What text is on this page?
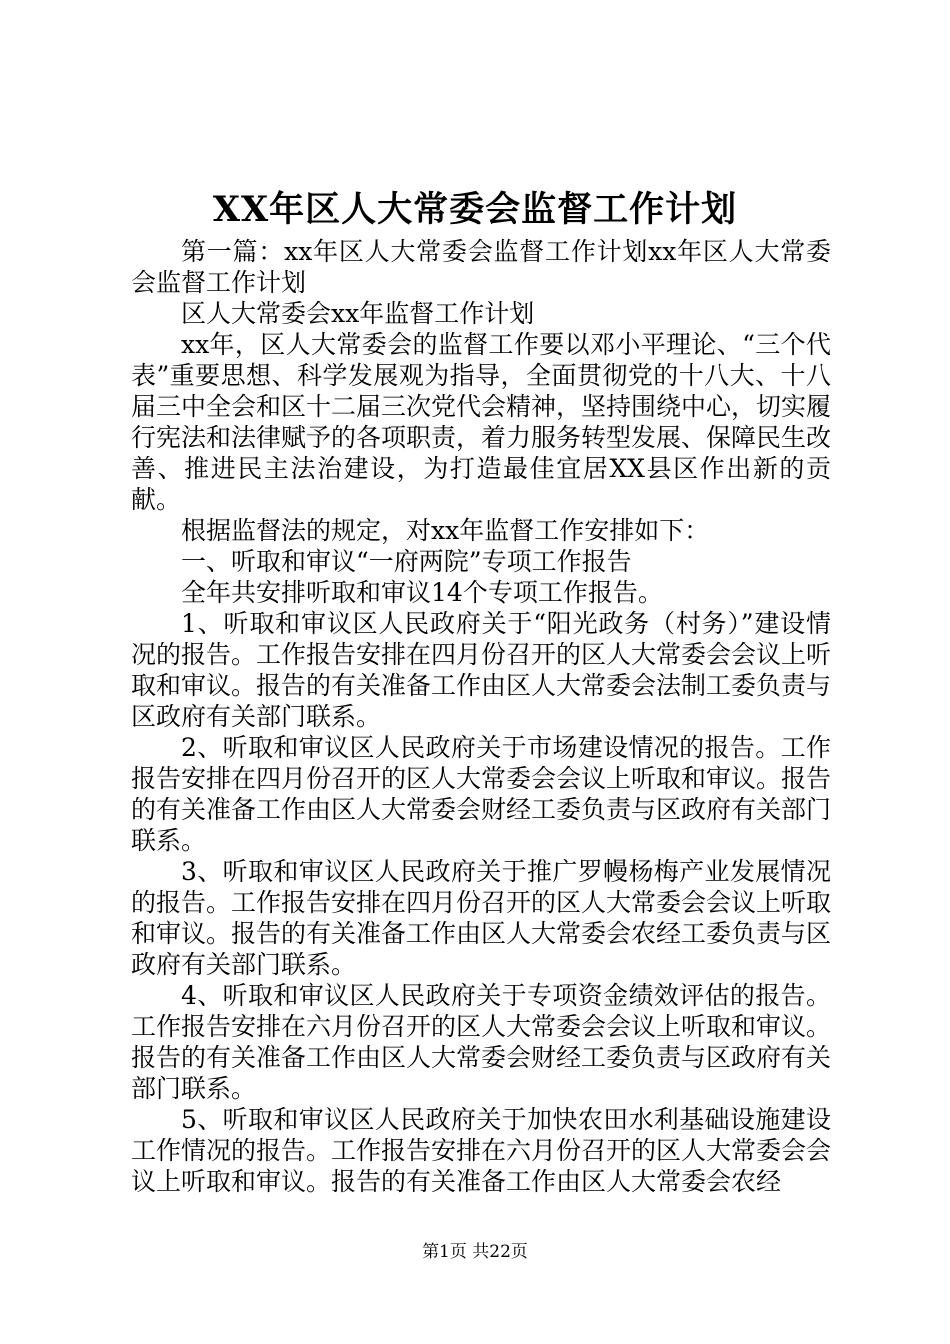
XX年区人大常委会监督工作计划

第一篇：xx年区人大常委会监督工作计划xx年区人大常委会监督工作计划

区人大常委会xx年监督工作计划

xx年，区人大常委会的监督工作要以邓小平理论、“三个代表”重要思想、科学发展观为指导，全面贯彻党的十八大、十八届三中全会和区十二届三次党代会精神，坚持围绕中心，切实履行宪法和法律赋予的各项职责，着力服务转型发展、保障民生改善、推进民主法治建设，为打造最佳宜居XX县区作出新的贡献。

根据监督法的规定，对xx年监督工作安排如下：

一、听取和审议“一府两院”专项工作报告

全年共安排听取和审议14个专项工作报告。

1、听取和审议区人民政府关于“阳光政务（村务）”建设情况的报告。工作报告安排在四月份召开的区人大常委会会议上听取和审议。报告的有关准备工作由区人大常委会法制工委负责与区政府有关部门联系。

2、听取和审议区人民政府关于市场建设情况的报告。工作报告安排在四月份召开的区人大常委会会议上听取和审议。报告的有关准备工作由区人大常委会财经工委负责与区政府有关部门联系。

3、听取和审议区人民政府关于推广罗幔杨梅产业发展情况的报告。工作报告安排在四月份召开的区人大常委会会议上听取和审议。报告的有关准备工作由区人大常委会农经工委负责与区政府有关部门联系。

4、听取和审议区人民政府关于专项资金绩效评估的报告。工作报告安排在六月份召开的区人大常委会会议上听取和审议。报告的有关准备工作由区人大常委会财经工委负责与区政府有关部门联系。

5、听取和审议区人民政府关于加快农田水利基础设施建设工作情况的报告。工作报告安排在六月份召开的区人大常委会会议上听取和审议。报告的有关准备工作由区人大常委会农经

第1页 共22页
